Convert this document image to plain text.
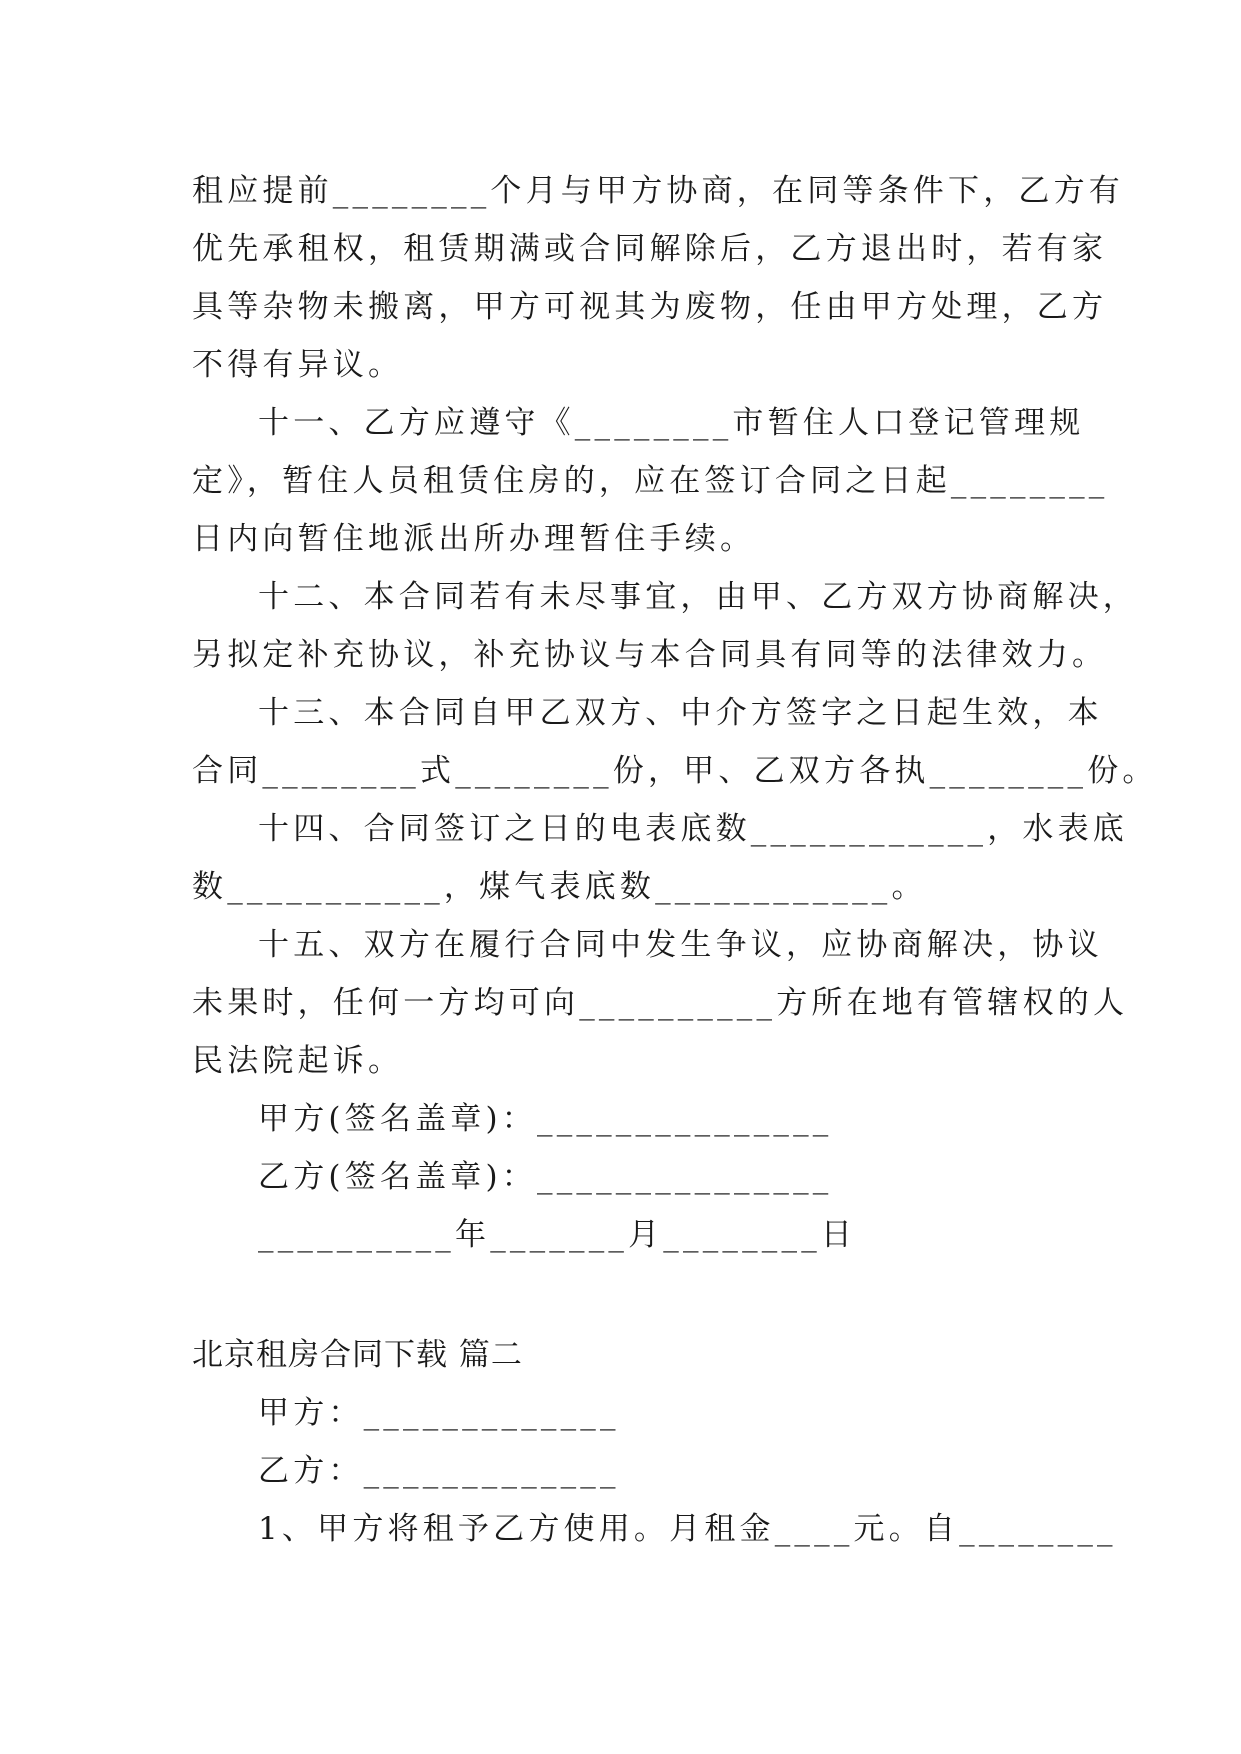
租应提前________个月与甲方协商，在同等条件下，乙方有

优先承租权，租赁期满或合同解除后，乙方退出时，若有家

具等杂物未搬离，甲方可视其为废物，任由甲方处理，乙方

不得有异议。

十一、乙方应遵守《________市暂住人口登记管理规

定》，暂住人员租赁住房的，应在签订合同之日起________

日内向暂住地派出所办理暂住手续。

十二、本合同若有未尽事宜，由甲、乙方双方协商解决，

另拟定补充协议，补充协议与本合同具有同等的法律效力。

十三、本合同自甲乙双方、中介方签字之日起生效，本

合同________式________份，甲、乙双方各执________份。

十四、合同签订之日的电表底数____________，水表底

数___________，煤气表底数____________。

十五、双方在履行合同中发生争议，应协商解决，协议

未果时，任何一方均可向__________方所在地有管辖权的人

民法院起诉。

甲方(签名盖章)：_______________

乙方(签名盖章)：_______________

__________年_______月________日

北京租房合同下载 篇二

甲方：_____________

乙方：_____________

1、甲方将租予乙方使用。月租金____元。自________
